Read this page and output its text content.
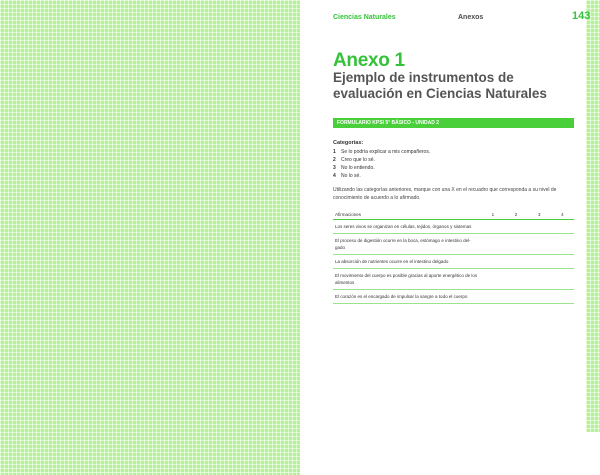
Ciencias Naturales	Anexos	143
Anexo 1
Ejemplo de instrumentos de evaluación en Ciencias Naturales
FORMULARIO KPSI 5° BÁSICO - UNIDAD 2
Categorías:
1 Se lo podría explicar a mis compañeros.
2 Creo que lo sé.
3 No lo entiendo.
4 No lo sé.
Utilizando las categorías anteriores, marque con una X en el recuadro que corresponda a su nivel de conocimiento de acuerdo a lo afirmado.
Afirmaciones	1	2	3	4
Los seres vivos se organizan en células, tejidos, órganos y sistemas				
El proceso de digestión ocurre en la boca, estómago e intestino del-gado				
La absorción de nutrientes ocurre en el intestino delgado				
El movimiento del cuerpo es posible gracias al aporte energético de los alimentos				
El corazón es el encargado de impulsar la sangre a todo el cuerpo				
